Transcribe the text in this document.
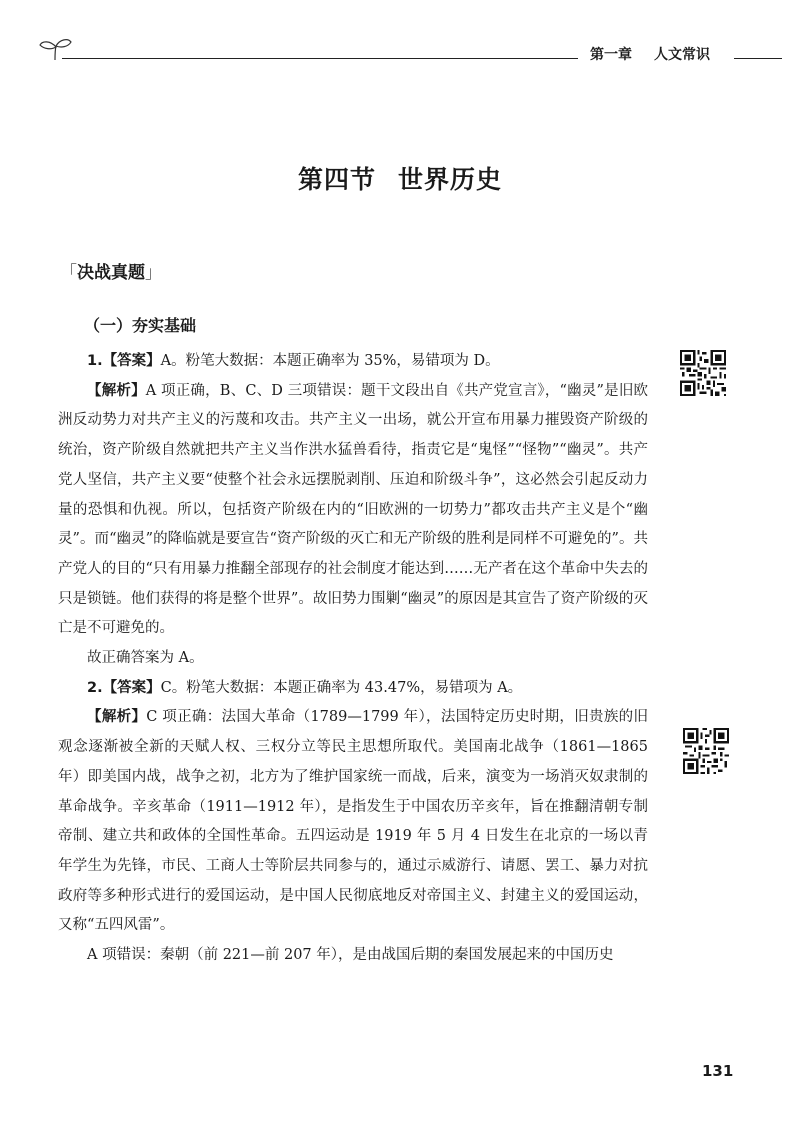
第一章 人文常识
第四节 世界历史
「决战真题」
（一）夯实基础

1.【答案】A。粉笔大数据：本题正确率为 35%，易错项为 D。

【解析】A 项正确，B、C、D 三项错误：题干文段出自《共产党宣言》，“幽灵”是旧欧洲反动势力对共产主义的污蔑和攻击。共产主义一出场，就公开宣布用暴力摧毁资产阶级的统治，资产阶级自然就把共产主义当作洪水猛兽看待，指责它是“鬼怪”“怪物”“幽灵”。共产党人坚信，共产主义要“使整个社会永远摆脱剥削、压迫和阶级斗争”，这必然会引起反动力量的恐惧和仇视。所以，包括资产阶级在内的“旧欧洲的一切势力”都攻击共产主义是个“幽灵”。而“幽灵”的降临就是要宣告“资产阶级的灭亡和无产阶级的胜利是同样不可避免的”。共产党人的目的“只有用暴力推翻全部现存的社会制度才能达到……无产者在这个革命中失去的只是锁链。他们获得的将是整个世界”。故旧势力围剿“幽灵”的原因是其宣告了资产阶级的灭亡是不可避免的。

故正确答案为 A。

2.【答案】C。粉笔大数据：本题正确率为 43.47%，易错项为 A。

【解析】C 项正确：法国大革命（1789—1799 年），法国特定历史时期，旧贵族的旧观念逐渐被全新的天赋人权、三权分立等民主思想所取代。美国南北战争（1861—1865 年）即美国内战，战争之初，北方为了维护国家统一而战，后来，演变为一场消灭奴隶制的革命战争。辛亥革命（1911—1912 年），是指发生于中国农历辛亥年，旨在推翻清朝专制帝制、建立共和政体的全国性革命。五四运动是 1919 年 5 月 4 日发生在北京的一场以青年学生为先锋，市民、工商人士等阶层共同参与的，通过示威游行、请愿、罢工、暴力对抗政府等多种形式进行的爱国运动，是中国人民彻底地反对帝国主义、封建主义的爱国运动，又称“五四风雷”。

A 项错误：秦朝（前 221—前 207 年），是由战国后期的秦国发展起来的中国历史

131
